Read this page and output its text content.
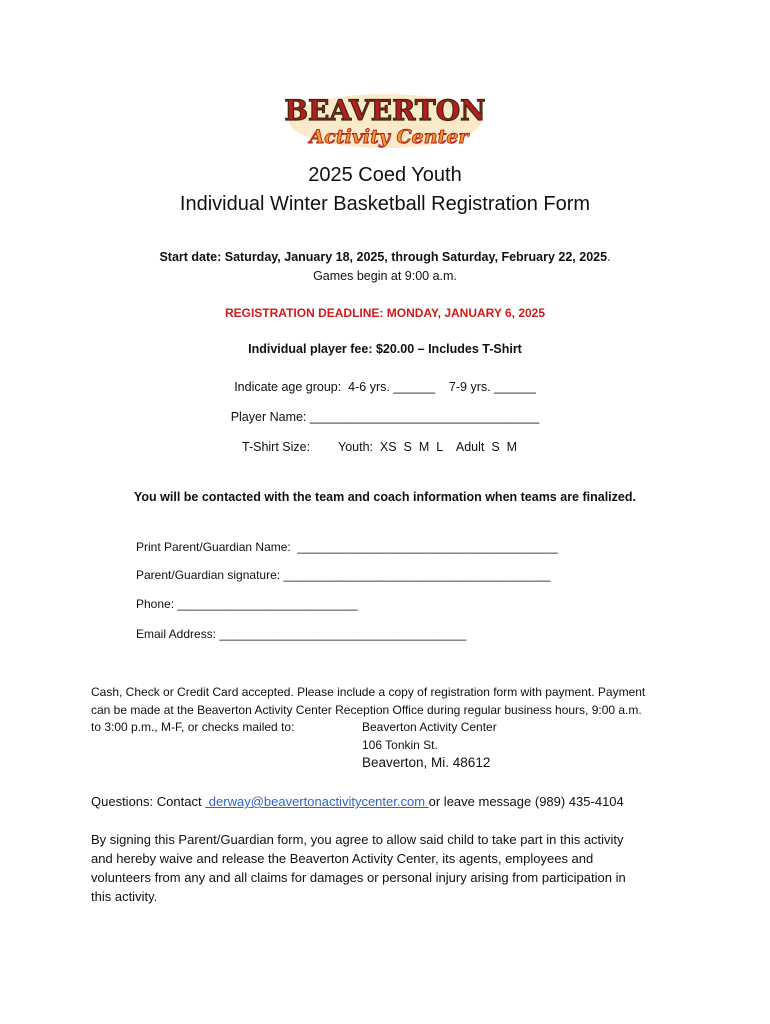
BEAVERTON
Activity Center
2025 Coed Youth
Individual Winter Basketball Registration Form
Start date: Saturday, January 18, 2025, through Saturday, February 22, 2025.
Games begin at 9:00 a.m.
REGISTRATION DEADLINE: MONDAY, JANUARY 6, 2025
Individual player fee: $20.00 – Includes T-Shirt
Indicate age group:  4-6 yrs. ______    7-9 yrs. ______
Player Name: _________________________________
T-Shirt Size: Youth:  XS  S  M  L    Adult  S  M
You will be contacted with the team and coach information when teams are finalized.
Print Parent/Guardian Name:  _______________________________________
Parent/Guardian signature: ________________________________________
Phone: ___________________________
Email Address: _____________________________________
Cash, Check or Credit Card accepted. Please include a copy of registration form with payment. Payment
can be made at the Beaverton Activity Center Reception Office during regular business hours, 9:00 a.m.
to 3:00 p.m., M-F, or checks mailed to:	Beaverton Activity Center
106 Tonkin St.
Beaverton, Mi. 48612
Questions: Contact  derway@beavertonactivitycenter.com or leave message (989) 435-4104
By signing this Parent/Guardian form, you agree to allow said child to take part in this activity
and hereby waive and release the Beaverton Activity Center, its agents, employees and
volunteers from any and all claims for damages or personal injury arising from participation in
this activity.
